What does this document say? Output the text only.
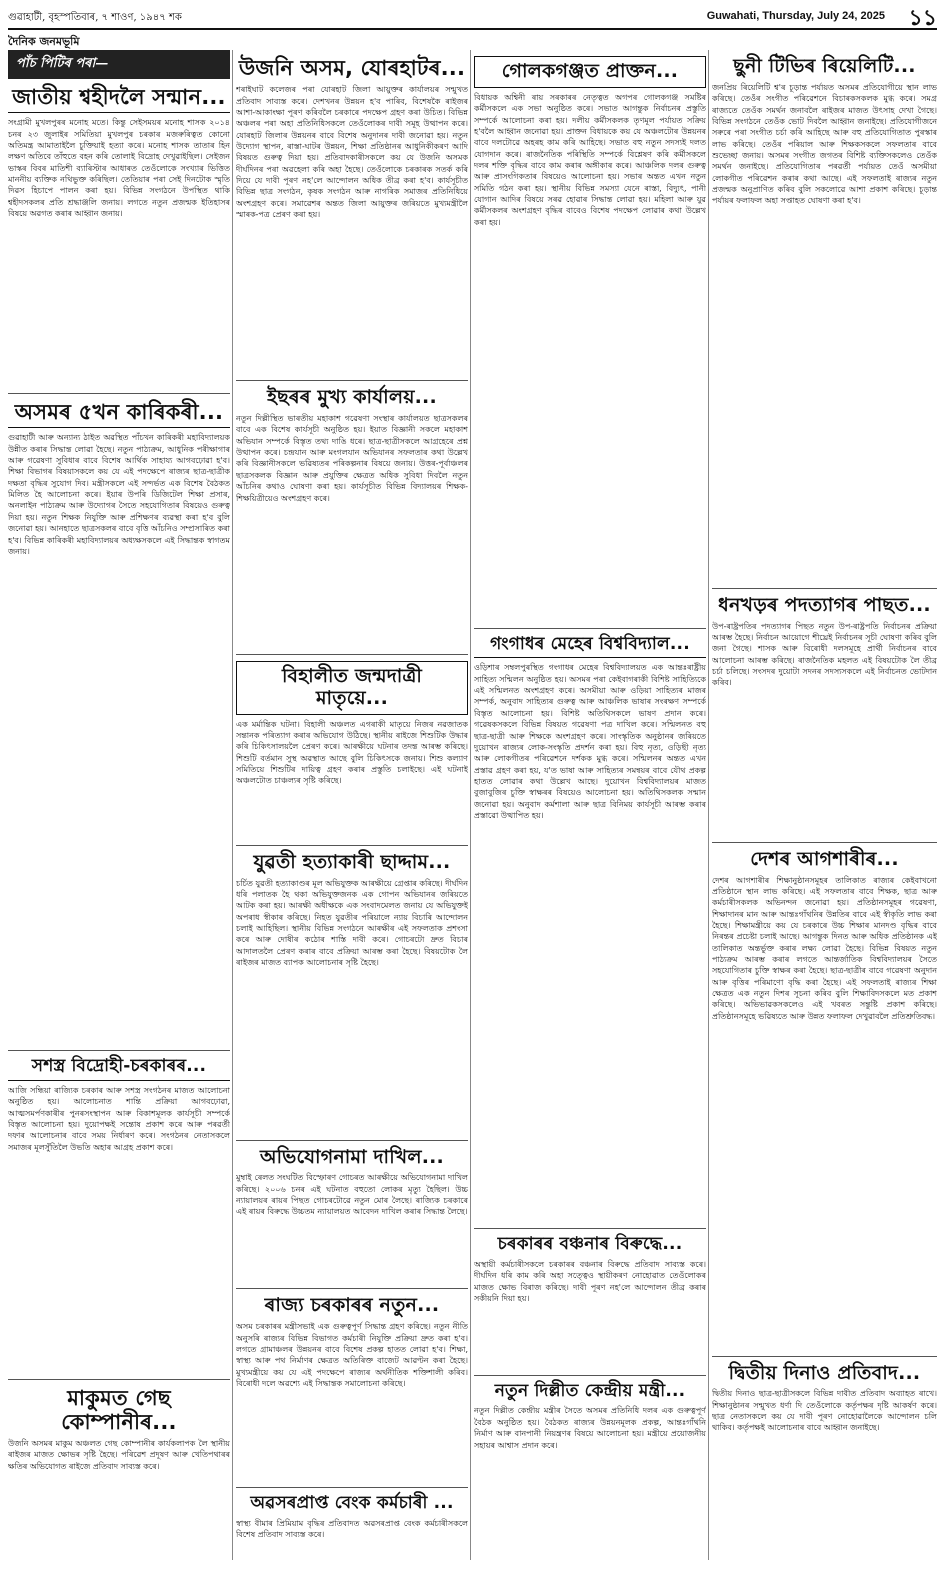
গুৱাহাটী, বৃহস্পতিবাৰ, ৭ শাওণ, ১৯৪৭ শক	Guwahati, Thursday, July 24, 2025 ১১
দৈনিক জনমভূমি
পাঁচ পিটিৰ পৰা—
জাতীয় শ্বহীদলৈ সন্মান...
সংগ্ৰামী মুখলপুৰৰ মনোহ মতে। কিন্তু সেইসময়ৰ মনোহ শাসক ২০১৪ চনৰ ২৩ জুলাইৰ সমিতিয়া মুখলপুৰ চৰকাৰ মজৰুৰিত্বত কোনো অতিমন্ত্ৰ আমাতাইলৈ চুক্তিয়াই হত্যা কৰে। মনোহ শাসক তাতাৰ হিন লক্ষণ অতিবে তাঁহুতে বহন কৰি তোলাই বিদ্ৰোহ দেখুৱাইছিল। সেইজন ভাস্কৰ বিবৰ মাতিশী ব্যাৰিস্টাৰ আধাৰত তেওঁলোকে সংখ্যাৰ ভিত্তিত মাননীয় ব্যক্তিক নথিভুক্ত কৰিছিল। তেতিয়াৰ পৰা সেই দিনটোক স্মৃতি দিৱস হিচাপে পালন কৰা হয়। বিভিন্ন সংগঠনে উপস্থিত থাকি শ্বহীদসকলৰ প্ৰতি শ্ৰদ্ধাঞ্জলি জনায়। লগতে নতুন প্ৰজন্মক ইতিহাসৰ বিষয়ে অৱগত কৰাৰ আহ্বান জনায়।
অসমৰ ৫খন কাৰিকৰী...
গুৱাহাটী আৰু অন্যান্য ঠাইত অৱস্থিত পাঁচখন কাৰিকৰী মহাবিদ্যালয়ক উন্নীত কৰাৰ সিদ্ধান্ত লোৱা হৈছে। নতুন পাঠ্যক্ৰম, আধুনিক পৰীক্ষাগাৰ আৰু গৱেষণা সুবিধাৰ বাবে বিশেষ আৰ্থিক সাহায্য আগবঢ়োৱা হ'ব। শিক্ষা বিভাগৰ বিষয়াসকলে কয় যে এই পদক্ষেপে ৰাজ্যৰ ছাত্ৰ-ছাত্ৰীক দক্ষতা বৃদ্ধিৰ সুযোগ দিব। মন্ত্ৰীসকলে এই সন্দৰ্ভত এক বিশেষ বৈঠকত মিলিত হৈ আলোচনা কৰে। ইয়াৰ উপৰি ডিজিটেল শিক্ষা প্ৰসাৰ, অনলাইন পাঠ্যক্ৰম আৰু উদ্যোগৰ সৈতে সহযোগিতাৰ বিষয়েও গুৰুত্ব দিয়া হয়। নতুন শিক্ষক নিযুক্তি আৰু প্ৰশিক্ষণৰ ব্যৱস্থা কৰা হ'ব বুলি জনোৱা হয়। আনহাতে ছাত্ৰসকলৰ বাবে বৃত্তি আঁচনিও সম্প্ৰসাৰিত কৰা হ'ব। বিভিন্ন কাৰিকৰী মহাবিদ্যালয়ৰ অধ্যক্ষসকলে এই সিদ্ধান্তক স্বাগতম জনায়।
সশস্ত্ৰ বিদ্ৰোহী-চৰকাৰৰ...
আজি সন্ধিয়া ৰাজ্যিক চৰকাৰ আৰু সশস্ত্ৰ সংগঠনৰ মাজত আলোচনা অনুষ্ঠিত হয়। আলোচনাত শান্তি প্ৰক্ৰিয়া আগবঢ়োৱা, আত্মসমৰ্পণকাৰীৰ পুনৰসংস্থাপন আৰু বিকাশমূলক কাৰ্যসূচী সম্পৰ্কে বিস্তৃত আলোচনা হয়। দুয়োপক্ষই সন্তোষ প্ৰকাশ কৰে আৰু পৰৱৰ্তী দফাৰ আলোচনাৰ বাবে সময় নিৰ্ধাৰণ কৰে। সংগঠনৰ নেতাসকলে সমাজৰ মূলসুঁতিলৈ উভতি অহাৰ আগ্ৰহ প্ৰকাশ কৰে।
মাকুমত গেছ কোম্পানীৰ...
উজনি অসমৰ মাকুম অঞ্চলত গেছ কোম্পানীৰ কাৰ্যকলাপক লৈ স্থানীয় ৰাইজৰ মাজত ক্ষোভৰ সৃষ্টি হৈছে। পৰিৱেশ প্ৰদূষণ আৰু খেতিপথাৰৰ ক্ষতিৰ অভিযোগত ৰাইজে প্ৰতিবাদ সাব্যস্ত কৰে।
উজনি অসম, যোৰহাটৰ...
শৰাইঘাট কলেজৰ পৰা যোৰহাট জিলা আয়ুক্তৰ কাৰ্যালয়ৰ সন্মুখত প্ৰতিবাদ সাব্যস্ত কৰে। দেশখনৰ উন্নয়ন হ'ব পাৰিব, বিশেষকৈ ৰাইজৰ আশা-আকাংক্ষা পূৰণ কৰিবলৈ চৰকাৰে পদক্ষেপ গ্ৰহণ কৰা উচিত। বিভিন্ন অঞ্চলৰ পৰা অহা প্ৰতিনিধিসকলে তেওঁলোকৰ দাবী সমূহ উত্থাপন কৰে। যোৰহাট জিলাৰ উন্নয়নৰ বাবে বিশেষ অনুদানৰ দাবী জনোৱা হয়। নতুন উদ্যোগ স্থাপন, ৰাস্তা-ঘাটৰ উন্নয়ন, শিক্ষা প্ৰতিষ্ঠানৰ আধুনিকীকৰণ আদি বিষয়ত গুৰুত্ব দিয়া হয়। প্ৰতিবাদকাৰীসকলে কয় যে উজনি অসমক দীৰ্ঘদিনৰ পৰা অৱহেলা কৰি অহা হৈছে। তেওঁলোকে চৰকাৰক সতৰ্ক কৰি দিয়ে যে দাবী পূৰণ নহ'লে আন্দোলন অধিক তীব্ৰ কৰা হ'ব। কাৰ্যসূচীত বিভিন্ন ছাত্ৰ সংগঠন, কৃষক সংগঠন আৰু নাগৰিক সমাজৰ প্ৰতিনিধিয়ে অংশগ্ৰহণ কৰে। সমাৱেশৰ অন্তত জিলা আয়ুক্তৰ জৰিয়তে মুখ্যমন্ত্ৰীলৈ স্মাৰক-পত্ৰ প্ৰেৰণ কৰা হয়।
ইছৰৰ মুখ্য কাৰ্যালয়...
নতুন দিল্লীস্থিত ভাৰতীয় মহাকাশ গৱেষণা সংস্থাৰ কাৰ্যালয়ত ছাত্ৰসকলৰ বাবে এক বিশেষ কাৰ্যসূচী অনুষ্ঠিত হয়। ইয়াত বিজ্ঞানী সকলে মহাকাশ অভিযান সম্পৰ্কে বিস্তৃত তথ্য দাঙি ধৰে। ছাত্ৰ-ছাত্ৰীসকলে আগ্ৰহেৰে প্ৰশ্ন উত্থাপন কৰে। চন্দ্ৰযান আৰু মংগলযান অভিযানৰ সফলতাৰ কথা উল্লেখ কৰি বিজ্ঞানীসকলে ভৱিষ্যতৰ পৰিকল্পনাৰ বিষয়ে জনায়। উত্তৰ-পূৰ্বাঞ্চলৰ ছাত্ৰসকলক বিজ্ঞান আৰু প্ৰযুক্তিৰ ক্ষেত্ৰত অধিক সুবিধা দিবলৈ নতুন আঁচনিৰ কথাও ঘোষণা কৰা হয়। কাৰ্যসূচীত বিভিন্ন বিদ্যালয়ৰ শিক্ষক-শিক্ষয়িত্ৰীয়েও অংশগ্ৰহণ কৰে।
বিহালীত জন্মদাত্ৰী মাতৃয়ে...
এক মৰ্মান্তিক ঘটনা। বিহালী অঞ্চলত এগৰাকী মাতৃয়ে নিজৰ নৱজাতক সন্তানক পৰিত্যাগ কৰাৰ অভিযোগ উঠিছে। স্থানীয় ৰাইজে শিশুটিক উদ্ধাৰ কৰি চিকিৎসালয়লৈ প্ৰেৰণ কৰে। আৰক্ষীয়ে ঘটনাৰ তদন্ত আৰম্ভ কৰিছে। শিশুটি বৰ্তমান সুস্থ অৱস্থাত আছে বুলি চিকিৎসকে জনায়। শিশু কল্যাণ সমিতিয়ে শিশুটিৰ দায়িত্ব গ্ৰহণ কৰাৰ প্ৰস্তুতি চলাইছে। এই ঘটনাই অঞ্চলটোত চাঞ্চল্যৰ সৃষ্টি কৰিছে।
যুৱতী হত্যাকাৰী ছাদ্দাম...
চৰ্চিত যুৱতী হত্যাকাণ্ডৰ মূল অভিযুক্তক আৰক্ষীয়ে গ্ৰেপ্তাৰ কৰিছে। দীৰ্ঘদিন ধৰি পলাতক হৈ থকা অভিযুক্তজনক এক গোপন অভিযানৰ জৰিয়তে আটক কৰা হয়। আৰক্ষী অধীক্ষকে এক সংবাদমেলত জনায় যে অভিযুক্তই অপৰাধ স্বীকাৰ কৰিছে। নিহত যুৱতীৰ পৰিয়ালে ন্যায় বিচাৰি আন্দোলন চলাই আহিছিল। স্থানীয় বিভিন্ন সংগঠনে আৰক্ষীৰ এই সফলতাক প্ৰশংসা কৰে আৰু দোষীৰ কঠোৰ শাস্তি দাবী কৰে। গোচৰটো দ্ৰুত বিচাৰ আদালতলৈ প্ৰেৰণ কৰাৰ বাবে প্ৰক্ৰিয়া আৰম্ভ কৰা হৈছে। বিষয়টোক লৈ ৰাইজৰ মাজত ব্যাপক আলোচনাৰ সৃষ্টি হৈছে।
অভিযোগনামা দাখিল...
মুম্বাই ৰেলত সংঘটিত বিস্ফোৰণ গোচৰত আৰক্ষীয়ে অভিযোগনামা দাখিল কৰিছে। ২০০৬ চনৰ এই ঘটনাত বহুতো লোকৰ মৃত্যু হৈছিল। উচ্চ ন্যায়ালয়ৰ ৰায়ৰ পিছত গোচৰটোৱে নতুন মোৰ লৈছে। ৰাজ্যিক চৰকাৰে এই ৰায়ৰ বিৰুদ্ধে উচ্চতম ন্যায়ালয়ত আবেদন দাখিল কৰাৰ সিদ্ধান্ত লৈছে।
ৰাজ্য চৰকাৰৰ নতুন...
অসম চৰকাৰৰ মন্ত্ৰীসভাই এক গুৰুত্বপূৰ্ণ সিদ্ধান্ত গ্ৰহণ কৰিছে। নতুন নীতি অনুসৰি ৰাজ্যৰ বিভিন্ন বিভাগত কৰ্মচাৰী নিযুক্তি প্ৰক্ৰিয়া দ্ৰুত কৰা হ'ব। লগতে গ্ৰামাঞ্চলৰ উন্নয়নৰ বাবে বিশেষ প্ৰকল্প হাতত লোৱা হ'ব। শিক্ষা, স্বাস্থ্য আৰু পথ নিৰ্মাণৰ ক্ষেত্ৰত অতিৰিক্ত বাজেট আৱণ্টন কৰা হৈছে। মুখ্যমন্ত্ৰীয়ে কয় যে এই পদক্ষেপে ৰাজ্যৰ অৰ্থনীতিক শক্তিশালী কৰিব। বিৰোধী দলে অৱশ্যে এই সিদ্ধান্তক সমালোচনা কৰিছে।
অৱসৰপ্ৰাপ্ত বেংক কৰ্মচাৰী ...
স্বাস্থ্য বীমাৰ প্ৰিমিয়াম বৃদ্ধিৰ প্ৰতিবাদত অৱসৰপ্ৰাপ্ত বেংক কৰ্মচাৰীসকলে বিশেষ প্ৰতিবাদ সাব্যস্ত কৰে।
গোলকগঞ্জত প্ৰাক্তন...
বিধায়ক অশ্বিনী ৰায় সৰকাৰৰ নেতৃত্বত অগপৰ গোলকগঞ্জ সমষ্টিৰ কৰ্মীসকলে এক সভা অনুষ্ঠিত কৰে। সভাত আগন্তুক নিৰ্বাচনৰ প্ৰস্তুতি সম্পৰ্কে আলোচনা কৰা হয়। দলীয় কৰ্মীসকলক তৃণমূল পৰ্যায়ত সক্ৰিয় হ'বলৈ আহ্বান জনোৱা হয়। প্ৰাক্তন বিধায়কে কয় যে অঞ্চলটোৰ উন্নয়নৰ বাবে দলটোৱে অহৰহ কাম কৰি আহিছে। সভাত বহু নতুন সদস্যই দলত যোগদান কৰে। ৰাজনৈতিক পৰিস্থিতি সম্পৰ্কে বিশ্লেষণ কৰি কৰ্মীসকলে দলৰ শক্তি বৃদ্ধিৰ বাবে কাম কৰাৰ অঙ্গীকাৰ কৰে। আঞ্চলিক দলৰ গুৰুত্ব আৰু প্ৰাসংগিকতাৰ বিষয়েও আলোচনা হয়। সভাৰ অন্তত এখন নতুন সমিতি গঠন কৰা হয়। স্থানীয় বিভিন্ন সমস্যা যেনে ৰাস্তা, বিদ্যুৎ, পানী যোগান আদিৰ বিষয়ে সৰৱ হোৱাৰ সিদ্ধান্ত লোৱা হয়। মহিলা আৰু যুৱ কৰ্মীসকলৰ অংশগ্ৰহণ বৃদ্ধিৰ বাবেও বিশেষ পদক্ষেপ লোৱাৰ কথা উল্লেখ কৰা হয়।
গংগাধৰ মেহেৰ বিশ্ববিদ্যাল...
ওড়িশাৰ সম্বলপুৰস্থিত গংগাধৰ মেহেৰ বিশ্ববিদ্যালয়ত এক আন্তঃৰাষ্ট্ৰীয় সাহিত্য সন্মিলন অনুষ্ঠিত হয়। অসমৰ পৰা কেইবাগৰাকী বিশিষ্ট সাহিত্যিকে এই সন্মিলনত অংশগ্ৰহণ কৰে। অসমীয়া আৰু ওড়িয়া সাহিত্যৰ মাজৰ সম্পৰ্ক, অনুবাদ সাহিত্যৰ গুৰুত্ব আৰু আঞ্চলিক ভাষাৰ সংৰক্ষণ সম্পৰ্কে বিস্তৃত আলোচনা হয়। বিশিষ্ট অতিথিসকলে ভাষণ প্ৰদান কৰে। গৱেষকসকলে বিভিন্ন বিষয়ত গৱেষণা পত্ৰ দাখিল কৰে। সন্মিলনত বহু ছাত্ৰ-ছাত্ৰী আৰু শিক্ষকে অংশগ্ৰহণ কৰে। সাংস্কৃতিক অনুষ্ঠানৰ জৰিয়তে দুয়োখন ৰাজ্যৰ লোক-সংস্কৃতি প্ৰদৰ্শন কৰা হয়। বিহু নৃত্য, ওড়িছী নৃত্য আৰু লোকগীতৰ পৰিৱেশনে দৰ্শকক মুগ্ধ কৰে। সন্মিলনৰ অন্তত এখন প্ৰস্তাৱ গ্ৰহণ কৰা হয়, য'ত ভাষা আৰু সাহিত্যৰ সমন্বয়ৰ বাবে যৌথ প্ৰকল্প হাতত লোৱাৰ কথা উল্লেখ আছে। দুয়োখন বিশ্ববিদ্যালয়ৰ মাজত বুজাবুজিৰ চুক্তি স্বাক্ষৰৰ বিষয়েও আলোচনা হয়। অতিথিসকলক সন্মান জনোৱা হয়। অনুবাদ কৰ্মশালা আৰু ছাত্ৰ বিনিময় কাৰ্যসূচী আৰম্ভ কৰাৰ প্ৰস্তাৱো উত্থাপিত হয়।
চৰকাৰৰ বঞ্চনাৰ বিৰুদ্ধে...
অস্থায়ী কৰ্মচাৰীসকলে চৰকাৰৰ বঞ্চনাৰ বিৰুদ্ধে প্ৰতিবাদ সাব্যস্ত কৰে। দীৰ্ঘদিন ধৰি কাম কৰি অহা সত্ত্বেও স্থায়ীকৰণ নোহোৱাত তেওঁলোকৰ মাজত ক্ষোভ বিৰাজ কৰিছে। দাবী পূৰণ নহ'লে আন্দোলন তীব্ৰ কৰাৰ সকীয়নি দিয়া হয়।
নতুন দিল্লীত কেন্দ্ৰীয় মন্ত্ৰী...
নতুন দিল্লীত কেন্দ্ৰীয় মন্ত্ৰীৰ সৈতে অসমৰ প্ৰতিনিধি দলৰ এক গুৰুত্বপূৰ্ণ বৈঠক অনুষ্ঠিত হয়। বৈঠকত ৰাজ্যৰ উন্নয়নমূলক প্ৰকল্প, আন্তঃগাঁথনি নিৰ্মাণ আৰু বানপানী নিয়ন্ত্ৰণৰ বিষয়ে আলোচনা হয়। মন্ত্ৰীয়ে প্ৰয়োজনীয় সহায়ৰ আশ্বাস প্ৰদান কৰে।
ছুনী টিভিৰ ৰিয়েলিটি...
জনপ্ৰিয় ৰিয়েলিটি শ্ব'ৰ চূড়ান্ত পৰ্যায়ত অসমৰ প্ৰতিযোগীয়ে স্থান লাভ কৰিছে। তেওঁৰ সংগীত পৰিৱেশনে বিচাৰকসকলক মুগ্ধ কৰে। সমগ্ৰ ৰাজ্যতে তেওঁক সমৰ্থন জনাবলৈ ৰাইজৰ মাজত উৎসাহ দেখা গৈছে। বিভিন্ন সংগঠনে তেওঁক ভোট দিবলৈ আহ্বান জনাইছে। প্ৰতিযোগীজনে সৰুৰে পৰা সংগীত চৰ্চা কৰি আহিছে আৰু বহু প্ৰতিযোগিতাত পুৰস্কাৰ লাভ কৰিছে। তেওঁৰ পৰিয়াল আৰু শিক্ষকসকলে সফলতাৰ বাবে শুভেচ্ছা জনায়। অসমৰ সংগীত জগতৰ বিশিষ্ট ব্যক্তিসকলেও তেওঁক সমৰ্থন জনাইছে। প্ৰতিযোগিতাৰ পৰৱৰ্তী পৰ্যায়ত তেওঁ অসমীয়া লোকগীত পৰিৱেশন কৰাৰ কথা আছে। এই সফলতাই ৰাজ্যৰ নতুন প্ৰজন্মক অনুপ্ৰাণিত কৰিব বুলি সকলোৱে আশা প্ৰকাশ কৰিছে। চূড়ান্ত পৰ্যায়ৰ ফলাফল অহা সপ্তাহত ঘোষণা কৰা হ'ব।
ধনখড়ৰ পদত্যাগৰ পাছত...
উপ-ৰাষ্ট্ৰপতিৰ পদত্যাগৰ পিছত নতুন উপ-ৰাষ্ট্ৰপতি নিৰ্বাচনৰ প্ৰক্ৰিয়া আৰম্ভ হৈছে। নিৰ্বাচন আয়োগে শীঘ্ৰেই নিৰ্বাচনৰ সূচী ঘোষণা কৰিব বুলি জনা গৈছে। শাসক আৰু বিৰোধী দলসমূহে প্ৰাৰ্থী নিৰ্বাচনৰ বাবে আলোচনা আৰম্ভ কৰিছে। ৰাজনৈতিক মহলত এই বিষয়টোক লৈ তীব্ৰ চৰ্চা চলিছে। সংসদৰ দুয়োটা সদনৰ সদস্যসকলে এই নিৰ্বাচনত ভোটদান কৰিব।
দেশৰ আগশাৰীৰ...
দেশৰ আগশাৰীৰ শিক্ষানুষ্ঠানসমূহৰ তালিকাত ৰাজ্যৰ কেইবাখনো প্ৰতিষ্ঠানে স্থান লাভ কৰিছে। এই সফলতাৰ বাবে শিক্ষক, ছাত্ৰ আৰু কৰ্মচাৰীসকলক অভিনন্দন জনোৱা হয়। প্ৰতিষ্ঠানসমূহৰ গৱেষণা, শিক্ষাদানৰ মান আৰু আন্তঃগাঁথনিৰ উন্নতিৰ বাবে এই স্বীকৃতি লাভ কৰা হৈছে। শিক্ষামন্ত্ৰীয়ে কয় যে চৰকাৰে উচ্চ শিক্ষাৰ মানদণ্ড বৃদ্ধিৰ বাবে নিৰন্তৰ প্ৰচেষ্টা চলাই আছে। আগন্তুক দিনত আৰু অধিক প্ৰতিষ্ঠানক এই তালিকাত অন্তৰ্ভুক্ত কৰাৰ লক্ষ্য লোৱা হৈছে। বিভিন্ন বিষয়ত নতুন পাঠ্যক্ৰম আৰম্ভ কৰাৰ লগতে আন্তৰ্জাতিক বিশ্ববিদ্যালয়ৰ সৈতে সহযোগিতাৰ চুক্তি স্বাক্ষৰ কৰা হৈছে। ছাত্ৰ-ছাত্ৰীৰ বাবে গৱেষণা অনুদান আৰু বৃত্তিৰ পৰিমাণো বৃদ্ধি কৰা হৈছে। এই সফলতাই ৰাজ্যৰ শিক্ষা ক্ষেত্ৰত এক নতুন দিশৰ সূচনা কৰিব বুলি শিক্ষাবিদসকলে মত প্ৰকাশ কৰিছে। অভিভাৱকসকলেও এই খবৰত সন্তুষ্টি প্ৰকাশ কৰিছে। প্ৰতিষ্ঠানসমূহে ভৱিষ্যতে আৰু উন্নত ফলাফল দেখুৱাবলৈ প্ৰতিশ্ৰুতিবদ্ধ।
দ্বিতীয় দিনাও প্ৰতিবাদ...
দ্বিতীয় দিনাও ছাত্ৰ-ছাত্ৰীসকলে বিভিন্ন দাবীত প্ৰতিবাদ অব্যাহত ৰাখে। শিক্ষানুষ্ঠানৰ সন্মুখত ধৰ্ণা দি তেওঁলোকে কৰ্তৃপক্ষৰ দৃষ্টি আকৰ্ষণ কৰে। ছাত্ৰ নেতাসকলে কয় যে দাবী পূৰণ নোহোৱালৈকে আন্দোলন চলি থাকিব। কৰ্তৃপক্ষই আলোচনাৰ বাবে আহ্বান জনাইছে।
